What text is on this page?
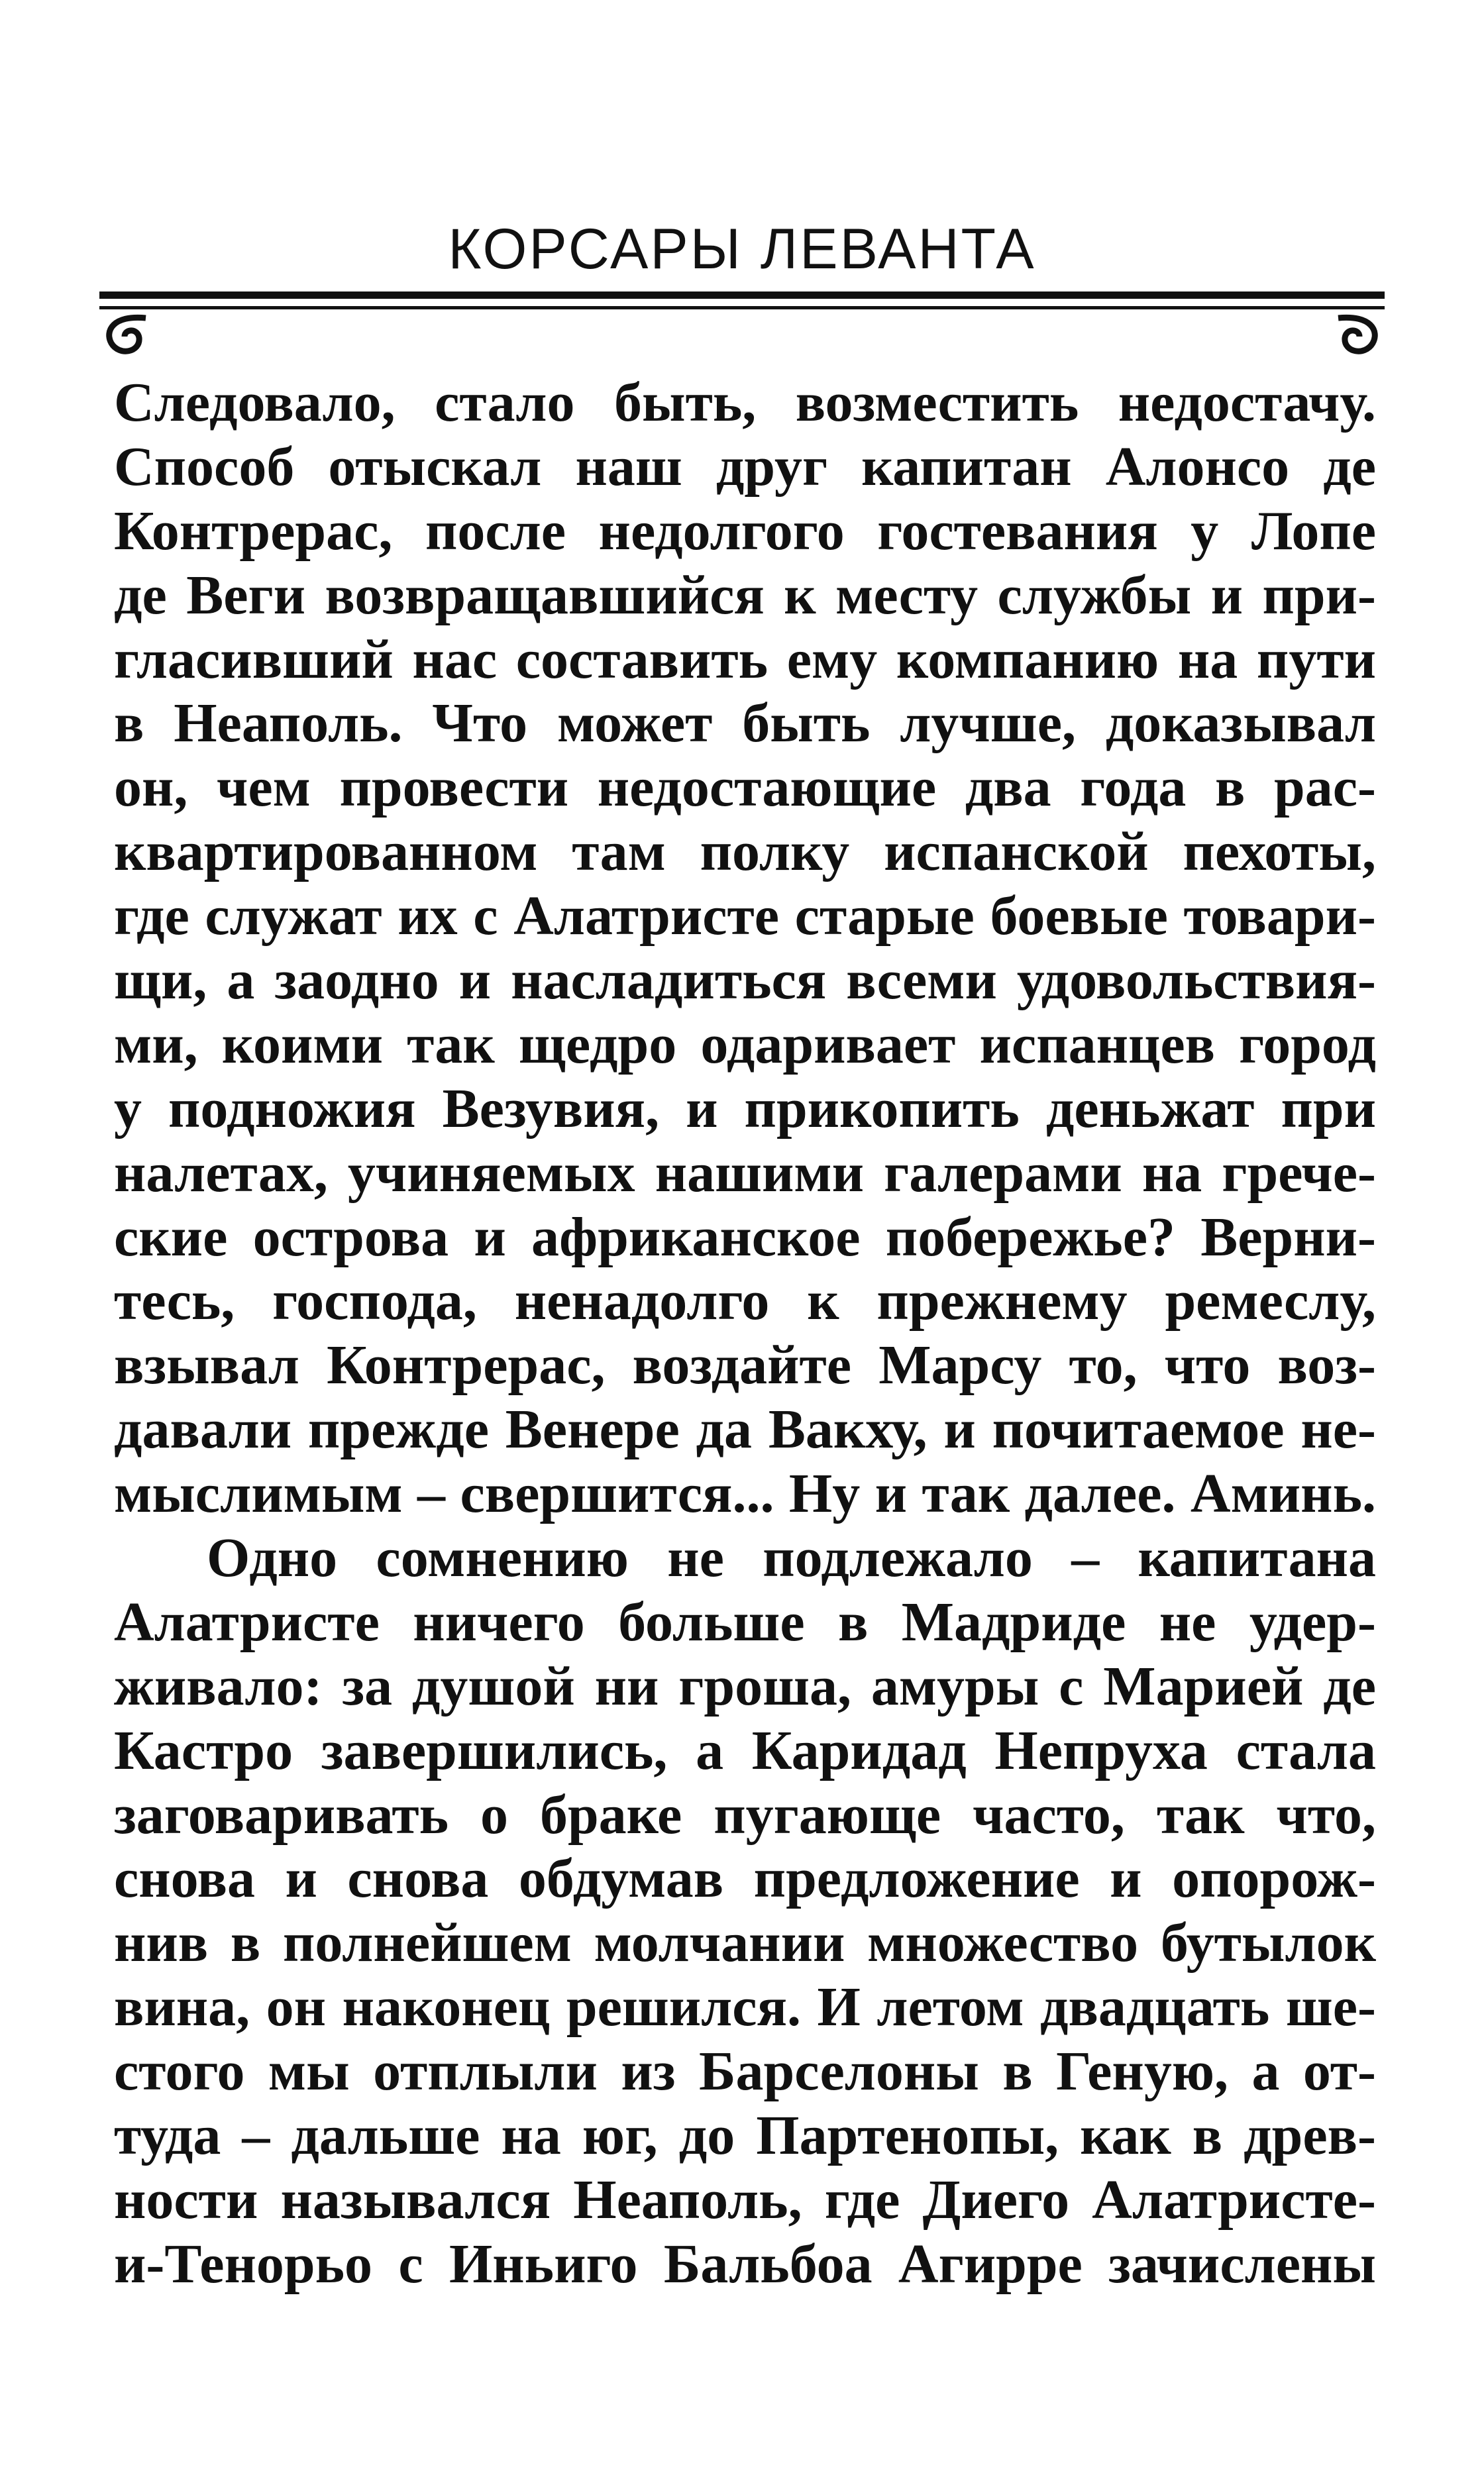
КОРСАРЫ ЛЕВАНТА
Следовало, стало быть, возместить недостачу.
Способ отыскал наш друг капитан Алонсо де
Контрерас, после недолгого гостевания у Лопе
де Веги возвращавшийся к месту службы и при-
гласивший нас составить ему компанию на пути
в Неаполь. Что может быть лучше, доказывал
он, чем провести недостающие два года в рас-
квартированном там полку испанской пехоты,
где служат их с Алатристе старые боевые товари-
щи, а заодно и насладиться всеми удовольствия-
ми, коими так щедро одаривает испанцев город
у подножия Везувия, и прикопить деньжат при
налетах, учиняемых нашими галерами на грече-
ские острова и африканское побережье? Верни-
тесь, господа, ненадолго к прежнему ремеслу,
взывал Контрерас, воздайте Марсу то, что воз-
давали прежде Венере да Вакху, и почитаемое не-
мыслимым – свершится... Ну и так далее. Аминь.
Одно сомнению не подлежало – капитана
Алатристе ничего больше в Мадриде не удер-
живало: за душой ни гроша, амуры с Марией де
Кастро завершились, а Каридад Непруха стала
заговаривать о браке пугающе часто, так что,
снова и снова обдумав предложение и опорож-
нив в полнейшем молчании множество бутылок
вина, он наконец решился. И летом двадцать ше-
стого мы отплыли из Барселоны в Геную, а от-
туда – дальше на юг, до Партенопы, как в древ-
ности назывался Неаполь, где Диего Алатристе-
и-Тенорьо с Иньиго Бальбоа Агирре зачислены
